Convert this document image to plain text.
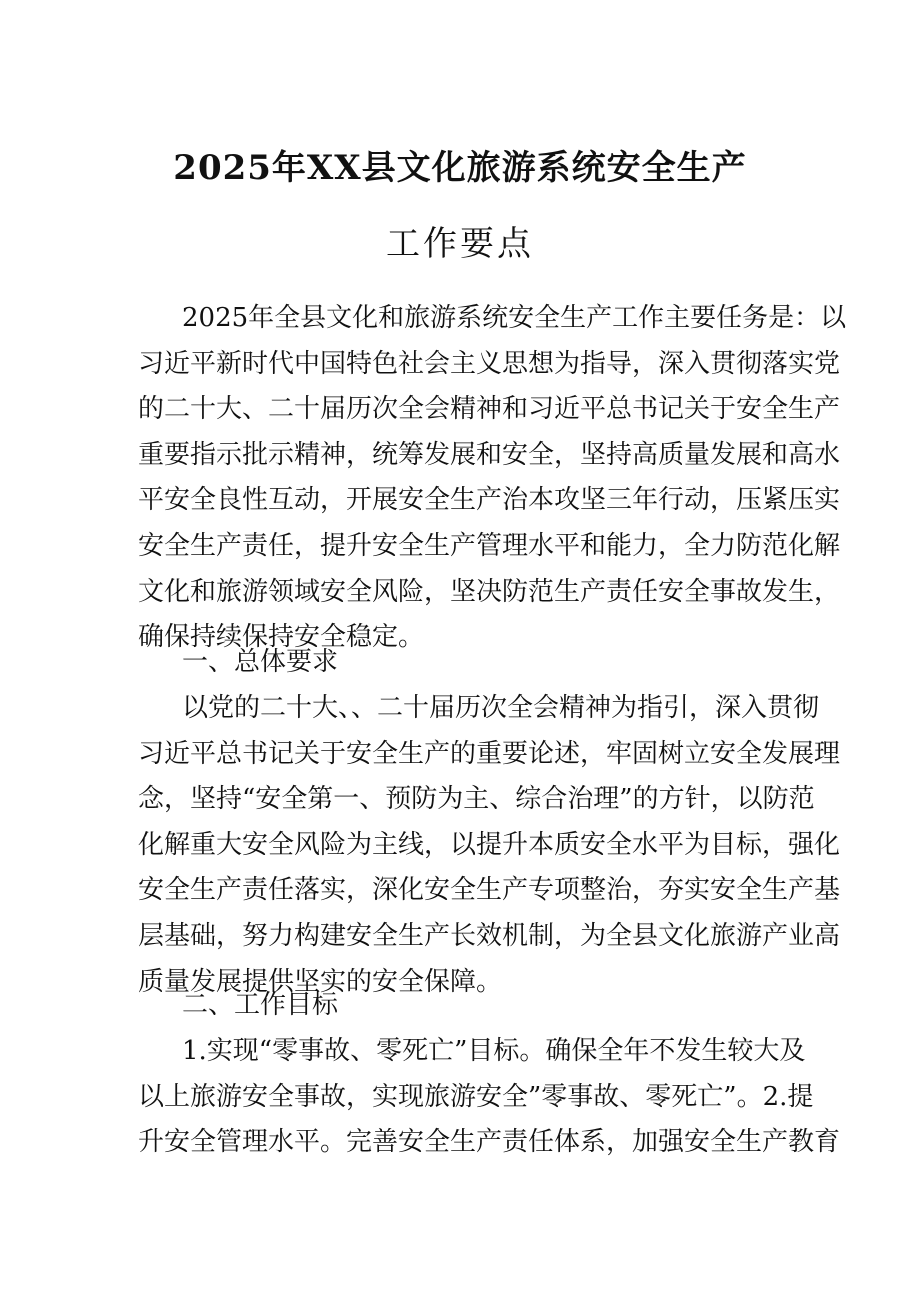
2025年XX县文化旅游系统安全生产
工作要点
2025年全县文化和旅游系统安全生产工作主要任务是：以
习近平新时代中国特色社会主义思想为指导，深入贯彻落实党
的二十大、二十届历次全会精神和习近平总书记关于安全生产
重要指示批示精神，统筹发展和安全，坚持高质量发展和高水
平安全良性互动，开展安全生产治本攻坚三年行动，压紧压实
安全生产责任，提升安全生产管理水平和能力，全力防范化解
文化和旅游领域安全风险，坚决防范生产责任安全事故发生，
确保持续保持安全稳定。
一、总体要求
以党的二十大、、二十届历次全会精神为指引，深入贯彻
习近平总书记关于安全生产的重要论述，牢固树立安全发展理
念，坚持“安全第一、预防为主、综合治理”的方针，以防范
化解重大安全风险为主线，以提升本质安全水平为目标，强化
安全生产责任落实，深化安全生产专项整治，夯实安全生产基
层基础，努力构建安全生产长效机制，为全县文化旅游产业高
质量发展提供坚实的安全保障。
二、工作目标
1.实现“零事故、零死亡”目标。确保全年不发生较大及
以上旅游安全事故，实现旅游安全”零事故、零死亡”。2.提
升安全管理水平。完善安全生产责任体系，加强安全生产教育
